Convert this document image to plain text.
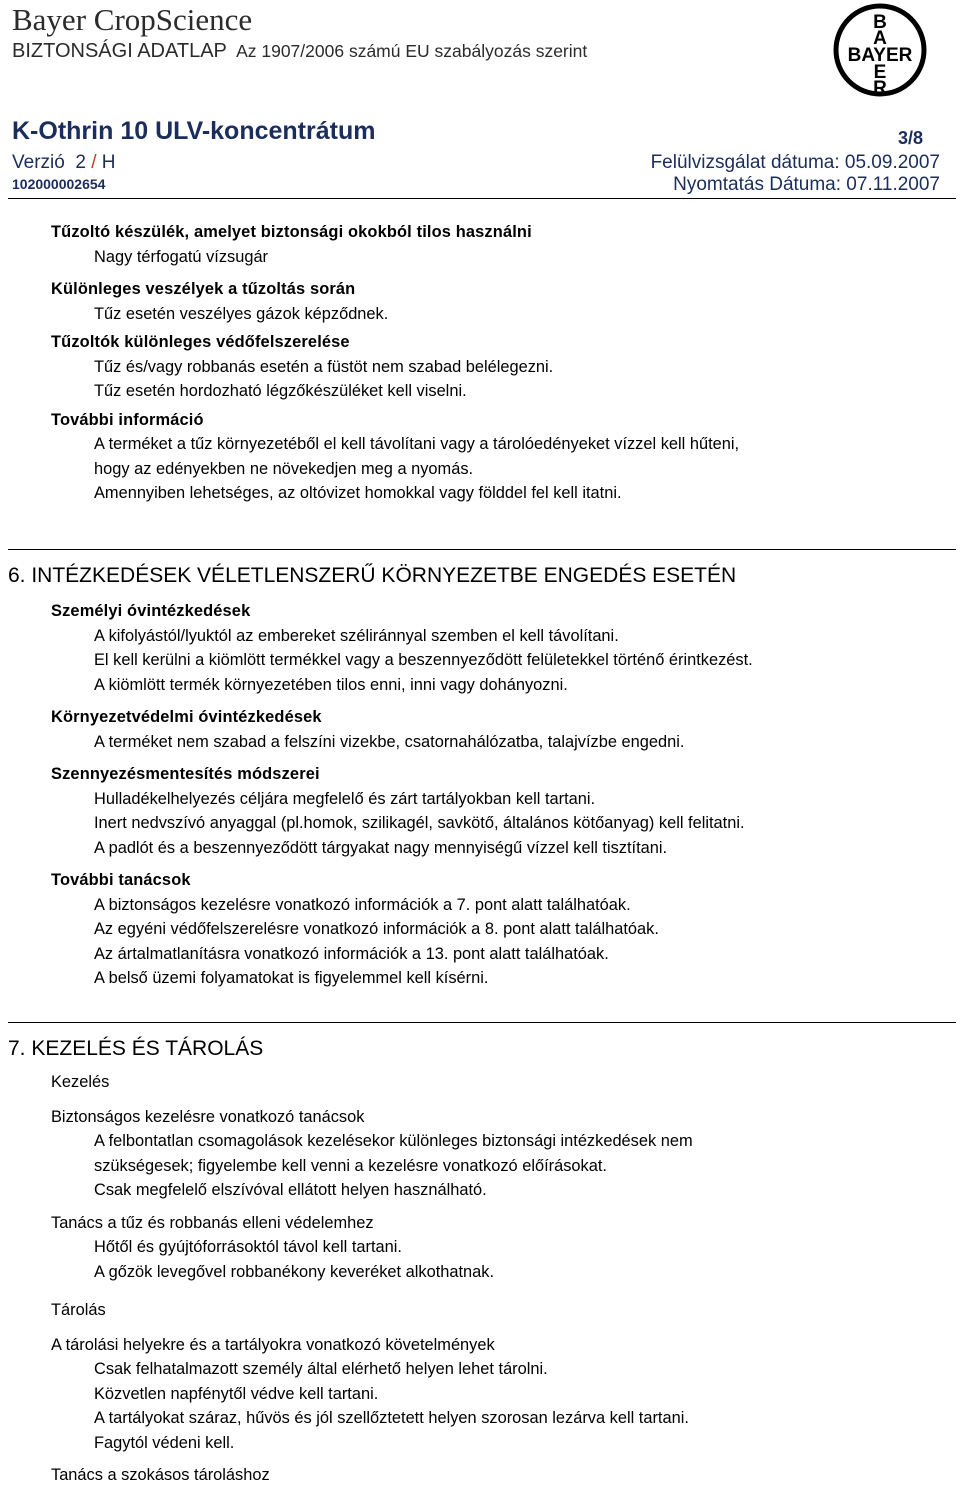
Bayer CropScience
BIZTONSÁGI ADATLAP Az 1907/2006 számú EU szabályozás szerint
B
A
BAYER
E
R
K-Othrin 10 ULV-koncentrátum	3/8
Verzió 2 / H	Felülvizsgálat dátuma: 05.09.2007
102000002654	Nyomtatás Dátuma: 07.11.2007
Tűzoltó készülék, amelyet biztonsági okokból tilos használni
Nagy térfogatú vízsugár
Különleges veszélyek a tűzoltás során
Tűz esetén veszélyes gázok képződnek.
Tűzoltók különleges védőfelszerelése
Tűz és/vagy robbanás esetén a füstöt nem szabad belélegezni.
Tűz esetén hordozható légzőkészüléket kell viselni.
További információ
A terméket a tűz környezetéből el kell távolítani vagy a tárolóedényeket vízzel kell hűteni,
hogy az edényekben ne növekedjen meg a nyomás.
Amennyiben lehetséges, az oltóvizet homokkal vagy földdel fel kell itatni.
6. INTÉZKEDÉSEK VÉLETLENSZERŰ KÖRNYEZETBE ENGEDÉS ESETÉN
Személyi óvintézkedések
A kifolyástól/lyuktól az embereket széliránnyal szemben el kell távolítani.
El kell kerülni a kiömlött termékkel vagy a beszennyeződött felületekkel történő érintkezést.
A kiömlött termék környezetében tilos enni, inni vagy dohányozni.
Környezetvédelmi óvintézkedések
A terméket nem szabad a felszíni vizekbe, csatornahálózatba, talajvízbe engedni.
Szennyezésmentesítés módszerei
Hulladékelhelyezés céljára megfelelő és zárt tartályokban kell tartani.
Inert nedvszívó anyaggal (pl.homok, szilikagél, savkötő, általános kötőanyag) kell felitatni.
A padlót és a beszennyeződött tárgyakat nagy mennyiségű vízzel kell tisztítani.
További tanácsok
A biztonságos kezelésre vonatkozó információk a 7. pont alatt találhatóak.
Az egyéni védőfelszerelésre vonatkozó információk a 8. pont alatt találhatóak.
Az ártalmatlanításra vonatkozó információk a 13. pont alatt találhatóak.
A belső üzemi folyamatokat is figyelemmel kell kísérni.
7. KEZELÉS ÉS TÁROLÁS
Kezelés
Biztonságos kezelésre vonatkozó tanácsok
A felbontatlan csomagolások kezelésekor különleges biztonsági intézkedések nem
szükségesek; figyelembe kell venni a kezelésre vonatkozó előírásokat.
Csak megfelelő elszívóval ellátott helyen használható.
Tanács a tűz és robbanás elleni védelemhez
Hőtől és gyújtóforrásoktól távol kell tartani.
A gőzök levegővel robbanékony keveréket alkothatnak.
Tárolás
A tárolási helyekre és a tartályokra vonatkozó követelmények
Csak felhatalmazott személy által elérhető helyen lehet tárolni.
Közvetlen napfénytől védve kell tartani.
A tartályokat száraz, hűvös és jól szellőztetett helyen szorosan lezárva kell tartani.
Fagytól védeni kell.
Tanács a szokásos tároláshoz
